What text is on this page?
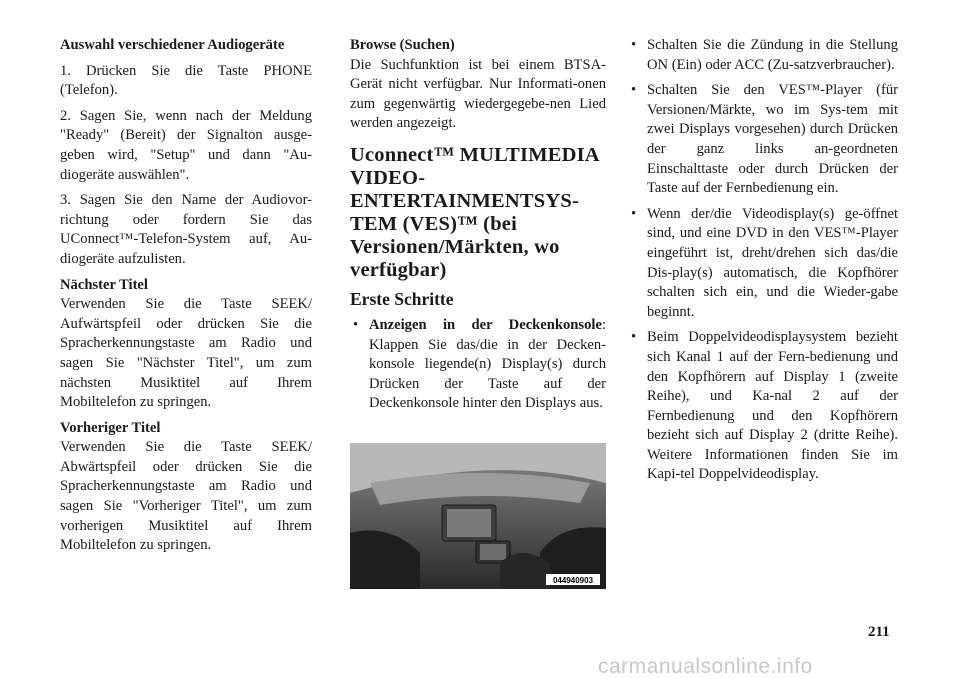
Auswahl verschiedener Audiogeräte

1. Drücken Sie die Taste PHONE (Telefon).

2. Sagen Sie, wenn nach der Meldung "Ready" (Bereit) der Signalton ausge-geben wird, "Setup" und dann "Au-diogeräte auswählen".

3. Sagen Sie den Name der Audiovor-richtung oder fordern Sie das UConnect™-Telefon-System auf, Au-diogeräte aufzulisten.

Nächster Titel

Verwenden Sie die Taste SEEK/ Aufwärtspfeil oder drücken Sie die Spracherkennungstaste am Radio und sagen Sie "Nächster Titel", um zum nächsten Musiktitel auf Ihrem Mobiltelefon zu springen.

Vorheriger Titel

Verwenden Sie die Taste SEEK/ Abwärtspfeil oder drücken Sie die Spracherkennungstaste am Radio und sagen Sie "Vorheriger Titel", um zum vorherigen Musiktitel auf Ihrem Mobiltelefon zu springen.

Browse (Suchen)

Die Suchfunktion ist bei einem BTSA-Gerät nicht verfügbar. Nur Informati-onen zum gegenwärtig wiedergegebe-nen Lied werden angezeigt.

Uconnect™ MULTIMEDIA VIDEO-ENTERTAINMENTSYS-TEM (VES)™ (bei Versionen/Märkten, wo verfügbar)
Erste Schritte
• Anzeigen in der Deckenkonsole: Klappen Sie das/die in der Decken-konsole liegende(n) Display(s) durch Drücken der Taste auf der Deckenkonsole hinter den Displays aus.
044940903
• Schalten Sie die Zündung in die Stellung ON (Ein) oder ACC (Zu-satzverbraucher).
• Schalten Sie den VES™-Player (für Versionen/Märkte, wo im Sys-tem mit zwei Displays vorgesehen) durch Drücken der ganz links an-geordneten Einschalttaste oder durch Drücken der Taste auf der Fernbedienung ein.
• Wenn der/die Videodisplay(s) ge-öffnet sind, und eine DVD in den VES™-Player eingeführt ist, dreht/drehen sich das/die Dis-play(s) automatisch, die Kopfhörer schalten sich ein, und die Wieder-gabe beginnt.
• Beim Doppelvideodisplaysystem bezieht sich Kanal 1 auf der Fern-bedienung und den Kopfhörern auf Display 1 (zweite Reihe), und Ka-nal 2 auf der Fernbedienung und den Kopfhörern bezieht sich auf Display 2 (dritte Reihe). Weitere Informationen finden Sie im Kapi-tel Doppelvideodisplay.
211
carmanualsonline.info
